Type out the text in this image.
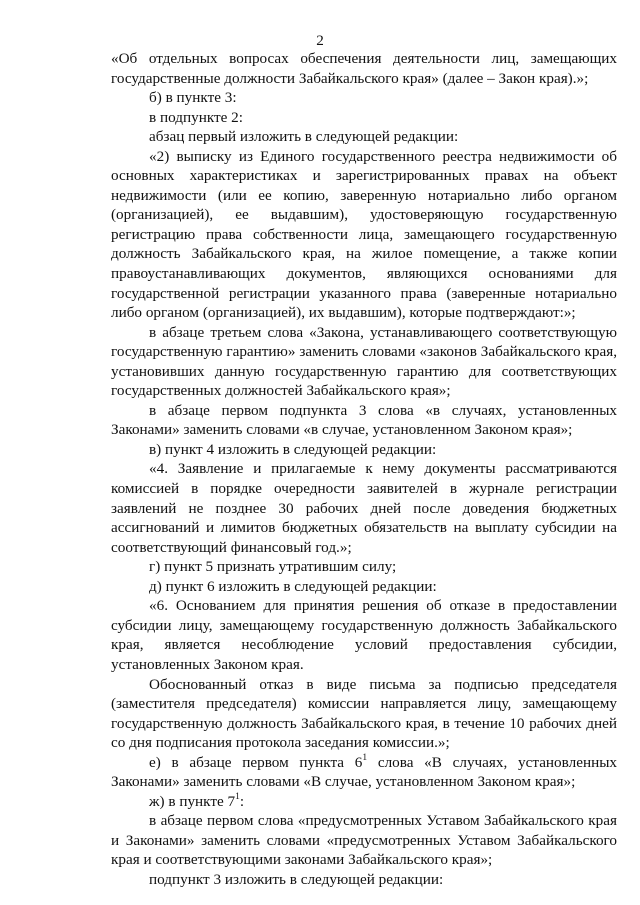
2

«Об отдельных вопросах обеспечения деятельности лиц, замещающих государственные должности Забайкальского края» (далее – Закон края).»;

б) в пункте 3:

в подпункте 2:

абзац первый изложить в следующей редакции:

«2) выписку из Единого государственного реестра недвижимости об основных характеристиках и зарегистрированных правах на объект недвижимости (или ее копию, заверенную нотариально либо органом (организацией), ее выдавшим), удостоверяющую государственную регистрацию права собственности лица, замещающего государственную должность Забайкальского края, на жилое помещение, а также копии правоустанавливающих документов, являющихся основаниями для государственной регистрации указанного права (заверенные нотариально либо органом (организацией), их выдавшим), которые подтверждают:»;

в абзаце третьем слова «Закона, устанавливающего соответствующую государственную гарантию» заменить словами «законов Забайкальского края, установивших данную государственную гарантию для соответствующих государственных должностей Забайкальского края»;

в абзаце первом подпункта 3 слова «в случаях, установленных Законами» заменить словами «в случае, установленном Законом края»;

в) пункт 4 изложить в следующей редакции:

«4. Заявление и прилагаемые к нему документы рассматриваются комиссией в порядке очередности заявителей в журнале регистрации заявлений не позднее 30 рабочих дней после доведения бюджетных ассигнований и лимитов бюджетных обязательств на выплату субсидии на соответствующий финансовый год.»;

г) пункт 5 признать утратившим силу;

д) пункт 6 изложить в следующей редакции:

«6. Основанием для принятия решения об отказе в предоставлении субсидии лицу, замещающему государственную должность Забайкальского края, является несоблюдение условий предоставления субсидии, установленных Законом края.

Обоснованный отказ в виде письма за подписью председателя (заместителя председателя) комиссии направляется лицу, замещающему государственную должность Забайкальского края, в течение 10 рабочих дней со дня подписания протокола заседания комиссии.»;

е) в абзаце первом пункта $6^1$ слова «В случаях, установленных Законами» заменить словами «В случае, установленном Законом края»;

ж) в пункте $7^1$:

в абзаце первом слова «предусмотренных Уставом Забайкальского края и Законами» заменить словами «предусмотренных Уставом Забайкальского края и соответствующими законами Забайкальского края»;

подпункт 3 изложить в следующей редакции:
